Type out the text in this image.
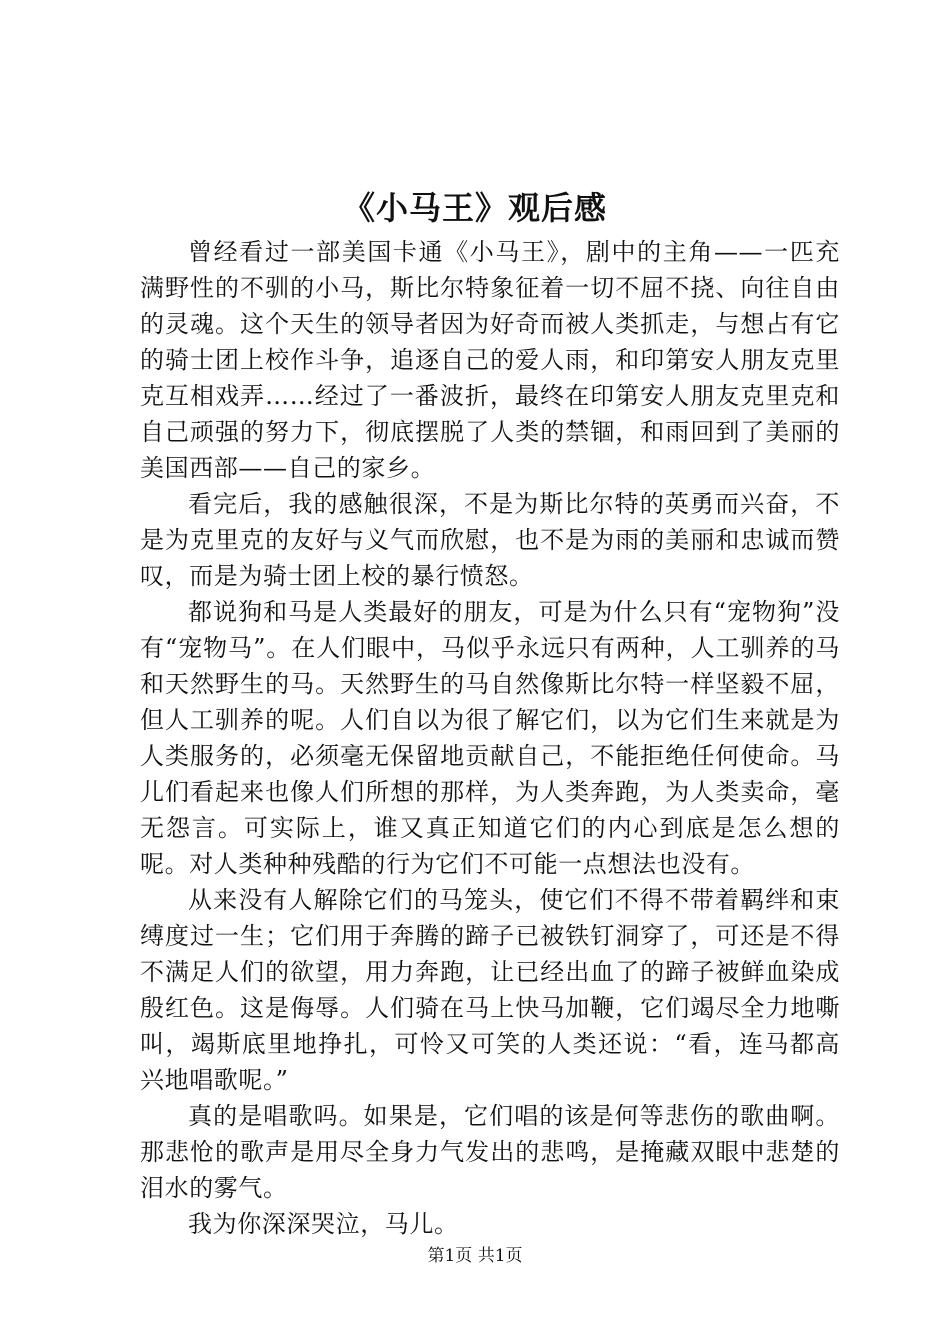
《小马王》观后感

曾经看过一部美国卡通《小马王》，剧中的主角——一匹充满野性的不驯的小马，斯比尔特象征着一切不屈不挠、向往自由的灵魂。这个天生的领导者因为好奇而被人类抓走，与想占有它的骑士团上校作斗争，追逐自己的爱人雨，和印第安人朋友克里克互相戏弄……经过了一番波折，最终在印第安人朋友克里克和自己顽强的努力下，彻底摆脱了人类的禁锢，和雨回到了美丽的美国西部——自己的家乡。

看完后，我的感触很深，不是为斯比尔特的英勇而兴奋，不是为克里克的友好与义气而欣慰，也不是为雨的美丽和忠诚而赞叹，而是为骑士团上校的暴行愤怒。

都说狗和马是人类最好的朋友，可是为什么只有“宠物狗”没有“宠物马”。在人们眼中，马似乎永远只有两种，人工驯养的马和天然野生的马。天然野生的马自然像斯比尔特一样坚毅不屈，但人工驯养的呢。人们自以为很了解它们，以为它们生来就是为人类服务的，必须毫无保留地贡献自己，不能拒绝任何使命。马儿们看起来也像人们所想的那样，为人类奔跑，为人类卖命，毫无怨言。可实际上，谁又真正知道它们的内心到底是怎么想的呢。对人类种种残酷的行为它们不可能一点想法也没有。

从来没有人解除它们的马笼头，使它们不得不带着羁绊和束缚度过一生；它们用于奔腾的蹄子已被铁钉洞穿了，可还是不得不满足人们的欲望，用力奔跑，让已经出血了的蹄子被鲜血染成殷红色。这是侮辱。人们骑在马上快马加鞭，它们竭尽全力地嘶叫，竭斯底里地挣扎，可怜又可笑的人类还说：“看，连马都高兴地唱歌呢。”

真的是唱歌吗。如果是，它们唱的该是何等悲伤的歌曲啊。那悲怆的歌声是用尽全身力气发出的悲鸣，是掩藏双眼中悲楚的泪水的雾气。

我为你深深哭泣，马儿。

第1页 共1页
